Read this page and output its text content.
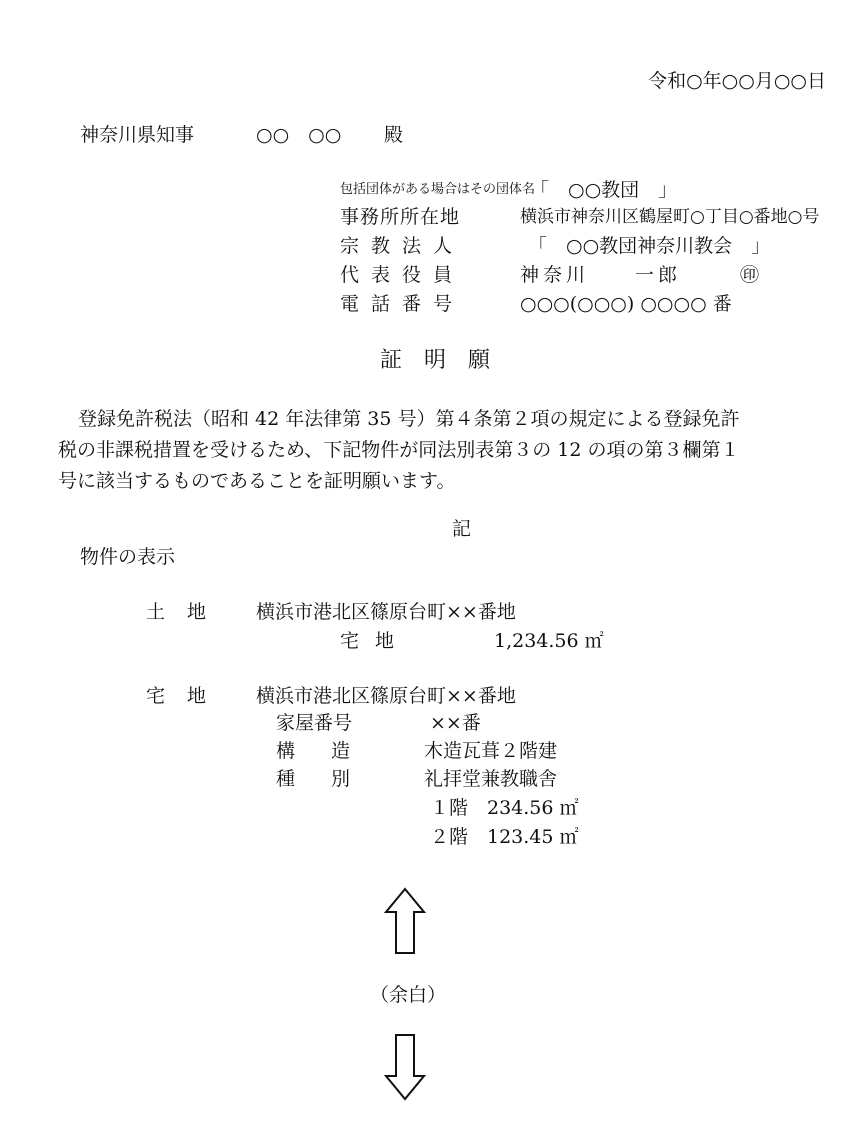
令和○年○○月○○日
神奈川県知事	○○　○○ 殿
包括団体がある場合はその団体名
「　○○教団　」
事務所所在地	横浜市神奈川区鶴屋町○丁目○番地○号
宗教法人	「　○○教団神奈川教会　」
代表役員	神奈川　　一郎	㊞
電話番号	○○○(○○○) ○○○○ 番
証明願

登録免許税法（昭和 42 年法律第 35 号）第４条第２項の規定による登録免許

税の非課税措置を受けるため、下記物件が同法別表第３の 12 の項の第３欄第１

号に該当するものであることを証明願います。

記
物件の表示
土地 横浜市港北区篠原台町××番地
宅地	1,234.56 ㎡
宅地 横浜市港北区篠原台町××番地
家屋番号	××番
構造 木造瓦葺２階建
種別 礼拝堂兼教職舎
１階　234.56 ㎡
２階　123.45 ㎡
（余白）
